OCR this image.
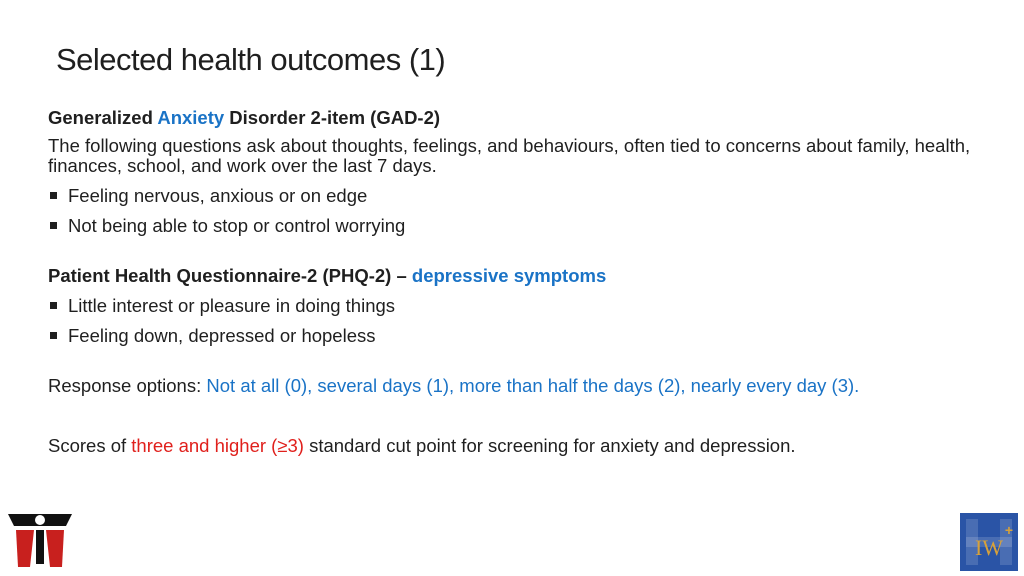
Selected health outcomes (1)

Generalized Anxiety Disorder 2-item (GAD-2)

The following questions ask about thoughts, feelings, and behaviours, often tied to concerns about family, health, finances, school, and work over the last 7 days.

Feeling nervous, anxious or on edge
Not being able to stop or control worrying

Patient Health Questionnaire-2 (PHQ-2) – depressive symptoms

Little interest or pleasure in doing things
Feeling down, depressed or hopeless

Response options: Not at all (0), several days (1), more than half the days (2), nearly every day (3).

Scores of three and higher (≥3) standard cut point for screening for anxiety and depression.

IW
+
